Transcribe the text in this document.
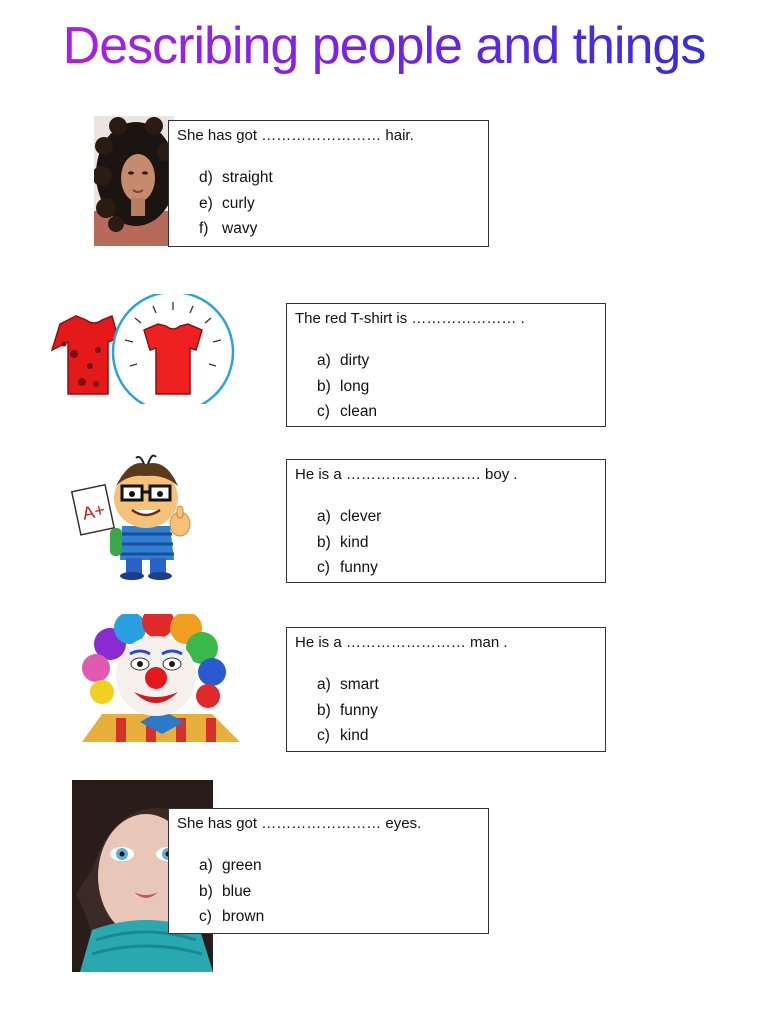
Describing people and things
She has got …………………… hair.
d) straight
e) curly
f) wavy
The red T-shirt is ………………… .
a) dirty
b) long
c) clean
A+
He is a ……………………… boy .
a) clever
b) kind
c) funny
He is a …………………… man .
a) smart
b) funny
c) kind
She has got …………………… eyes.
a) green
b) blue
c) brown
